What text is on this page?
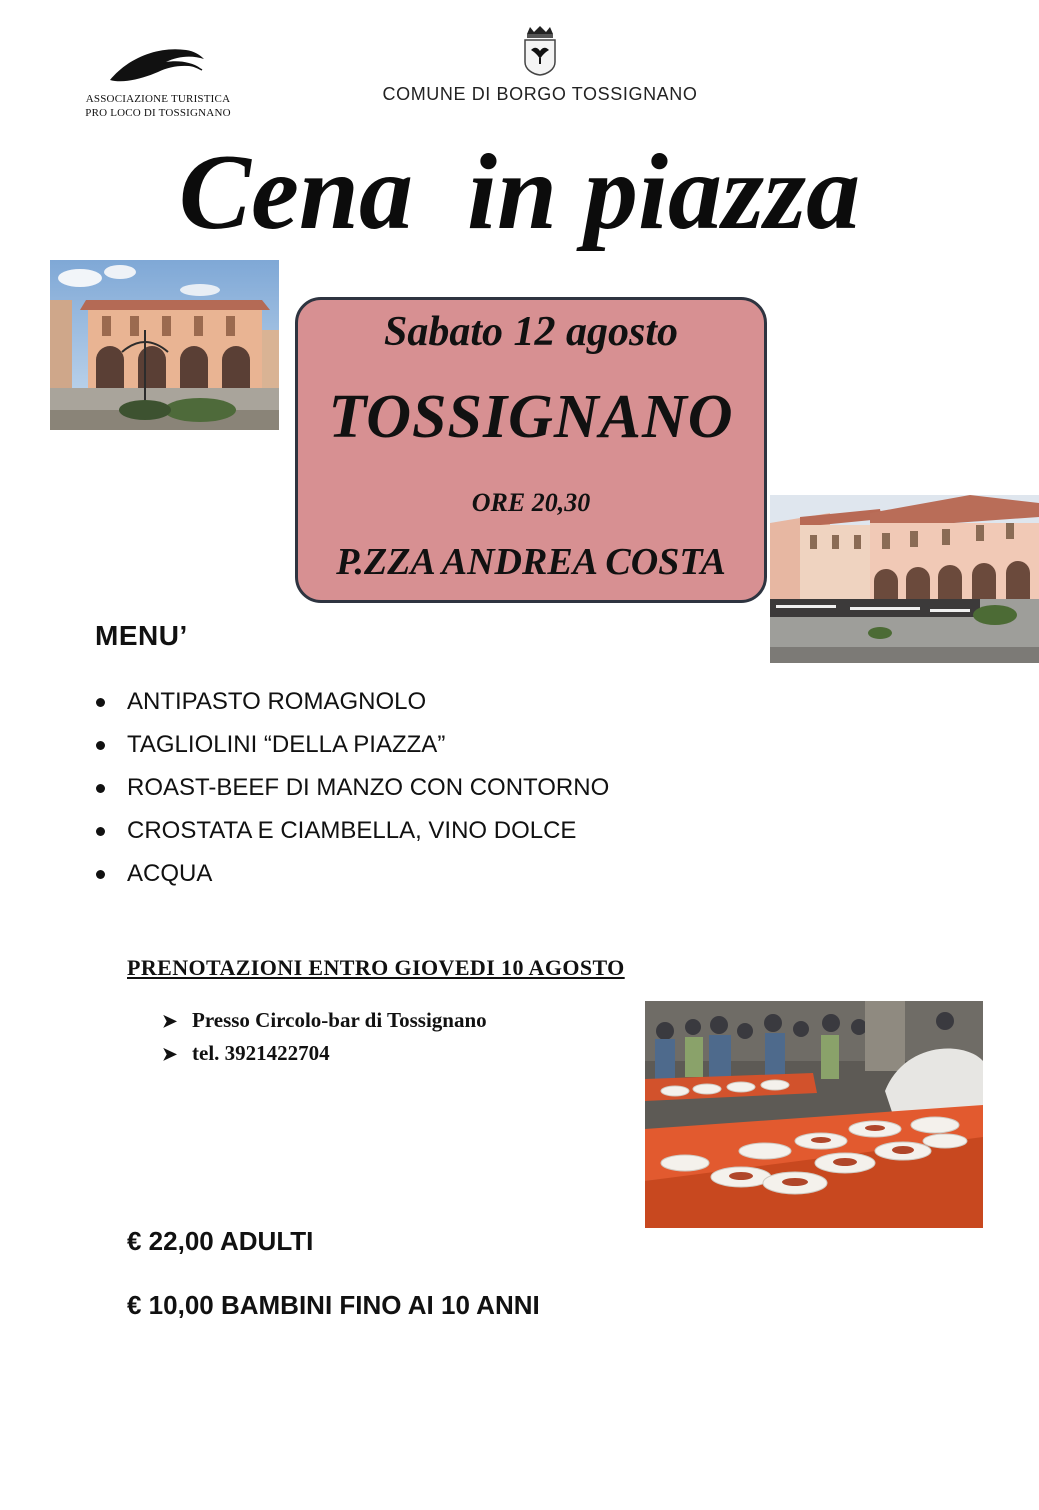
ASSOCIAZIONE TURISTICA
PRO LOCO DI TOSSIGNANO
COMUNE DI BORGO TOSSIGNANO
Cena  in piazza
Sabato 12 agosto
TOSSIGNANO
ORE 20,30
P.ZZA ANDREA COSTA
MENU’
ANTIPASTO ROMAGNOLO
TAGLIOLINI “DELLA PIAZZA”
ROAST-BEEF DI MANZO CON CONTORNO
CROSTATA E CIAMBELLA, VINO DOLCE
ACQUA
PRENOTAZIONI ENTRO GIOVEDI 10 AGOSTO
➤ Presso Circolo-bar di Tossignano
➤ tel. 3921422704
€ 22,00 ADULTI
€ 10,00 BAMBINI FINO AI 10 ANNI
